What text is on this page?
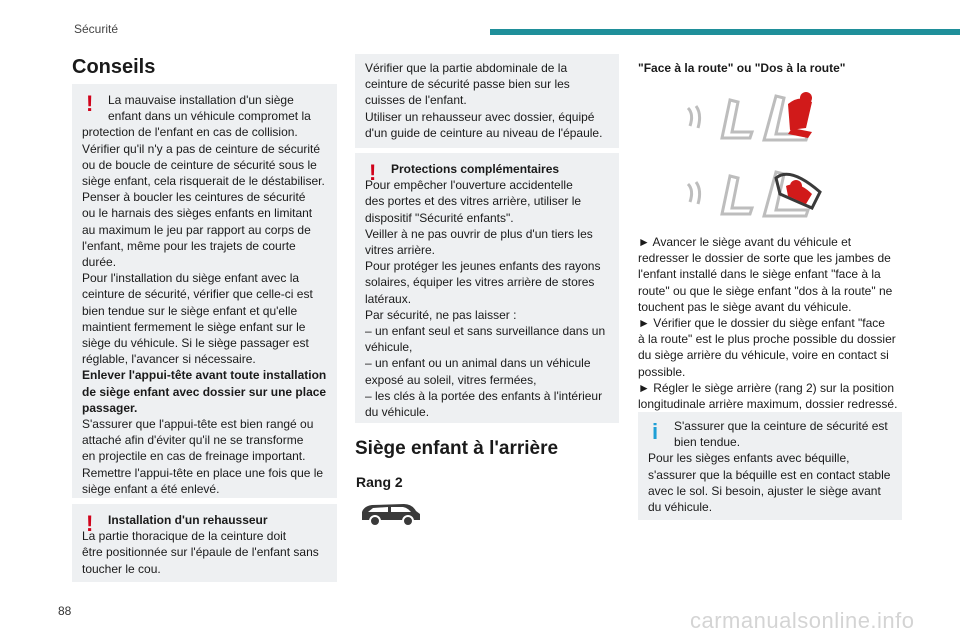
Sécurité
Conseils
!	La mauvaise installation d'un siège

enfant dans un véhicule compromet la

protection de l'enfant en cas de collision.

Vérifier qu'il n'y a pas de ceinture de sécurité

ou de boucle de ceinture de sécurité sous le

siège enfant, cela risquerait de le déstabiliser.

Penser à boucler les ceintures de sécurité

ou le harnais des sièges enfants en limitant

au maximum le jeu par rapport au corps de

l'enfant, même pour les trajets de courte

durée.

Pour l'installation du siège enfant avec la

ceinture de sécurité, vérifier que celle-ci est

bien tendue sur le siège enfant et qu'elle

maintient fermement le siège enfant sur le

siège du véhicule. Si le siège passager est

réglable, l'avancer si nécessaire.

Enlever l'appui-tête avant toute installation

de siège enfant avec dossier sur une place

passager.

S'assurer que l'appui-tête est bien rangé ou

attaché afin d'éviter qu'il ne se transforme

en projectile en cas de freinage important.

Remettre l'appui-tête en place une fois que le

siège enfant a été enlevé.

!	Installation d'un rehausseur

La partie thoracique de la ceinture doit

être positionnée sur l'épaule de l'enfant sans

toucher le cou.

Vérifier que la partie abdominale de la

ceinture de sécurité passe bien sur les

cuisses de l'enfant.

Utiliser un rehausseur avec dossier, équipé

d'un guide de ceinture au niveau de l'épaule.

!	Protections complémentaires

Pour empêcher l'ouverture accidentelle

des portes et des vitres arrière, utiliser le

dispositif "Sécurité enfants".

Veiller à ne pas ouvrir de plus d'un tiers les

vitres arrière.

Pour protéger les jeunes enfants des rayons

solaires, équiper les vitres arrière de stores

latéraux.

Par sécurité, ne pas laisser :

– un enfant seul et sans surveillance dans un

véhicule,

– un enfant ou un animal dans un véhicule

exposé au soleil, vitres fermées,

– les clés à la portée des enfants à l'intérieur

du véhicule.

Siège enfant à l'arrière
Rang 2
"Face à la route" ou "Dos à la route"

► Avancer le siège avant du véhicule et

redresser le dossier de sorte que les jambes de

l'enfant installé dans le siège enfant "face à la

route" ou que le siège enfant "dos à la route" ne

touchent pas le siège avant du véhicule.

► Vérifier que le dossier du siège enfant "face

à la route" est le plus proche possible du dossier

du siège arrière du véhicule, voire en contact si

possible.

► Régler le siège arrière (rang 2) sur la position

longitudinale arrière maximum, dossier redressé.

i	S'assurer que la ceinture de sécurité est

bien tendue.

Pour les sièges enfants avec béquille,

s'assurer que la béquille est en contact stable

avec le sol. Si besoin, ajuster le siège avant

du véhicule.

88	carmanualsonline.info
